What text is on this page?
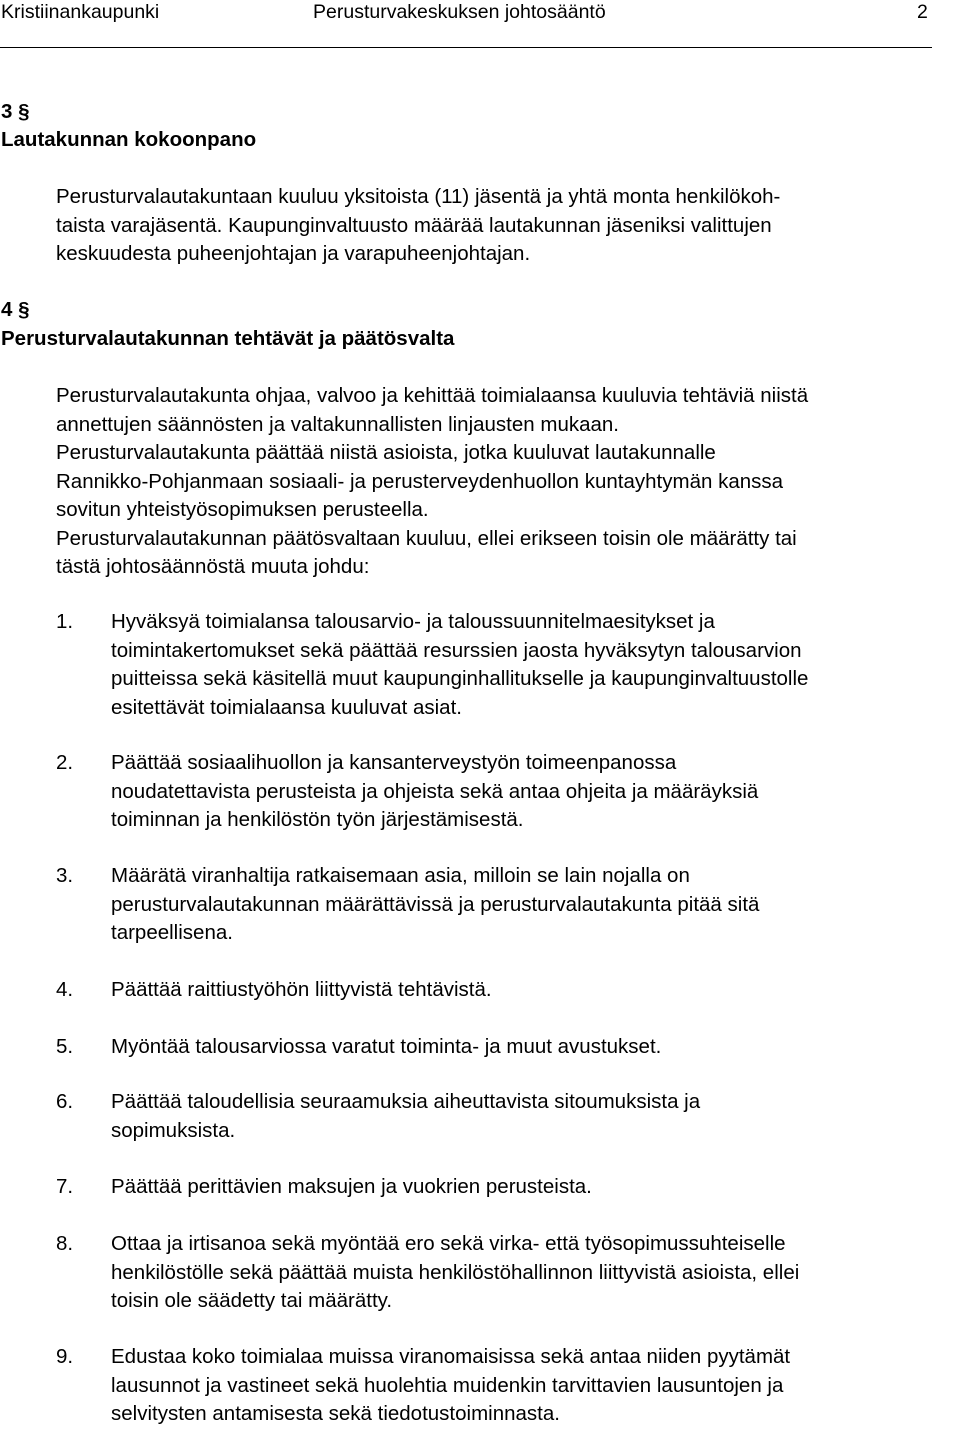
Kristiinankaupunki	Perusturvakeskuksen johtosääntö	2
3 §
Lautakunnan kokoonpano
Perusturvalautakuntaan kuuluu yksitoista (11) jäsentä ja yhtä monta henkilökoh-
taista varajäsentä. Kaupunginvaltuusto määrää lautakunnan jäseniksi valittujen
keskuudesta puheenjohtajan ja varapuheenjohtajan.
4 §
Perusturvalautakunnan tehtävät ja päätösvalta
Perusturvalautakunta ohjaa, valvoo ja kehittää toimialaansa kuuluvia tehtäviä niistä
annettujen säännösten ja valtakunnallisten linjausten mukaan.
Perusturvalautakunta päättää niistä asioista, jotka kuuluvat lautakunnalle
Rannikko-Pohjanmaan sosiaali- ja perusterveydenhuollon kuntayhtymän kanssa
sovitun yhteistyösopimuksen perusteella.
Perusturvalautakunnan päätösvaltaan kuuluu, ellei erikseen toisin ole määrätty tai
tästä johtosäännöstä muuta johdu:
1. Hyväksyä toimialansa talousarvio- ja taloussuunnitelmaesitykset ja
toimintakertomukset sekä päättää resurssien jaosta hyväksytyn talousarvion
puitteissa sekä käsitellä muut kaupunginhallitukselle ja kaupunginvaltuustolle
esitettävät toimialaansa kuuluvat asiat.
2. Päättää sosiaalihuollon ja kansanterveystyön toimeenpanossa
noudatettavista perusteista ja ohjeista sekä antaa ohjeita ja määräyksiä
toiminnan ja henkilöstön työn järjestämisestä.
3. Määrätä viranhaltija ratkaisemaan asia, milloin se lain nojalla on
perusturvalautakunnan määrättävissä ja perusturvalautakunta pitää sitä
tarpeellisena.
4. Päättää raittiustyöhön liittyvistä tehtävistä.
5. Myöntää talousarviossa varatut toiminta- ja muut avustukset.
6. Päättää taloudellisia seuraamuksia aiheuttavista sitoumuksista ja
sopimuksista.
7. Päättää perittävien maksujen ja vuokrien perusteista.
8. Ottaa ja irtisanoa sekä myöntää ero sekä virka- että työsopimussuhteiselle
henkilöstölle sekä päättää muista henkilöstöhallinnon liittyvistä asioista, ellei
toisin ole säädetty tai määrätty.
9. Edustaa koko toimialaa muissa viranomaisissa sekä antaa niiden pyytämät
lausunnot ja vastineet sekä huolehtia muidenkin tarvittavien lausuntojen ja
selvitysten antamisesta sekä tiedotustoiminnasta.
